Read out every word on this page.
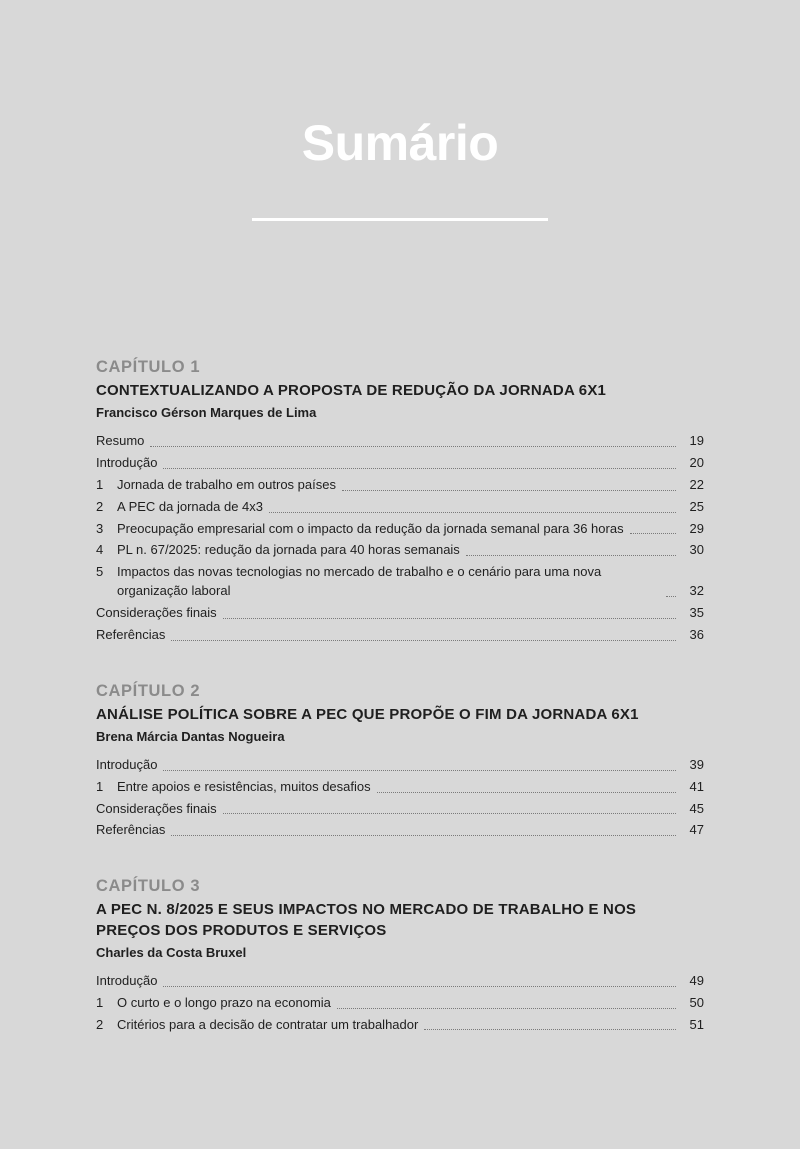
Sumário
CAPÍTULO 1
CONTEXTUALIZANDO A PROPOSTA DE REDUÇÃO DA JORNADA 6X1
Francisco Gérson Marques de Lima
Resumo	19
Introdução	20
1	Jornada de trabalho em outros países	22
2	A PEC da jornada de 4x3	25
3	Preocupação empresarial com o impacto da redução da jornada semanal para 36 horas	29
4	PL n. 67/2025: redução da jornada para 40 horas semanais	30
5	Impactos das novas tecnologias no mercado de trabalho e o cenário para uma nova organização laboral	32
Considerações finais	35
Referências	36
CAPÍTULO 2
ANÁLISE POLÍTICA SOBRE A PEC QUE PROPÕE O FIM DA JORNADA 6X1
Brena Márcia Dantas Nogueira
Introdução	39
1	Entre apoios e resistências, muitos desafios	41
Considerações finais	45
Referências	47
CAPÍTULO 3
A PEC N. 8/2025 E SEUS IMPACTOS NO MERCADO DE TRABALHO E NOS PREÇOS DOS PRODUTOS E SERVIÇOS
Charles da Costa Bruxel
Introdução	49
1	O curto e o longo prazo na economia	50
2	Critérios para a decisão de contratar um trabalhador	51
